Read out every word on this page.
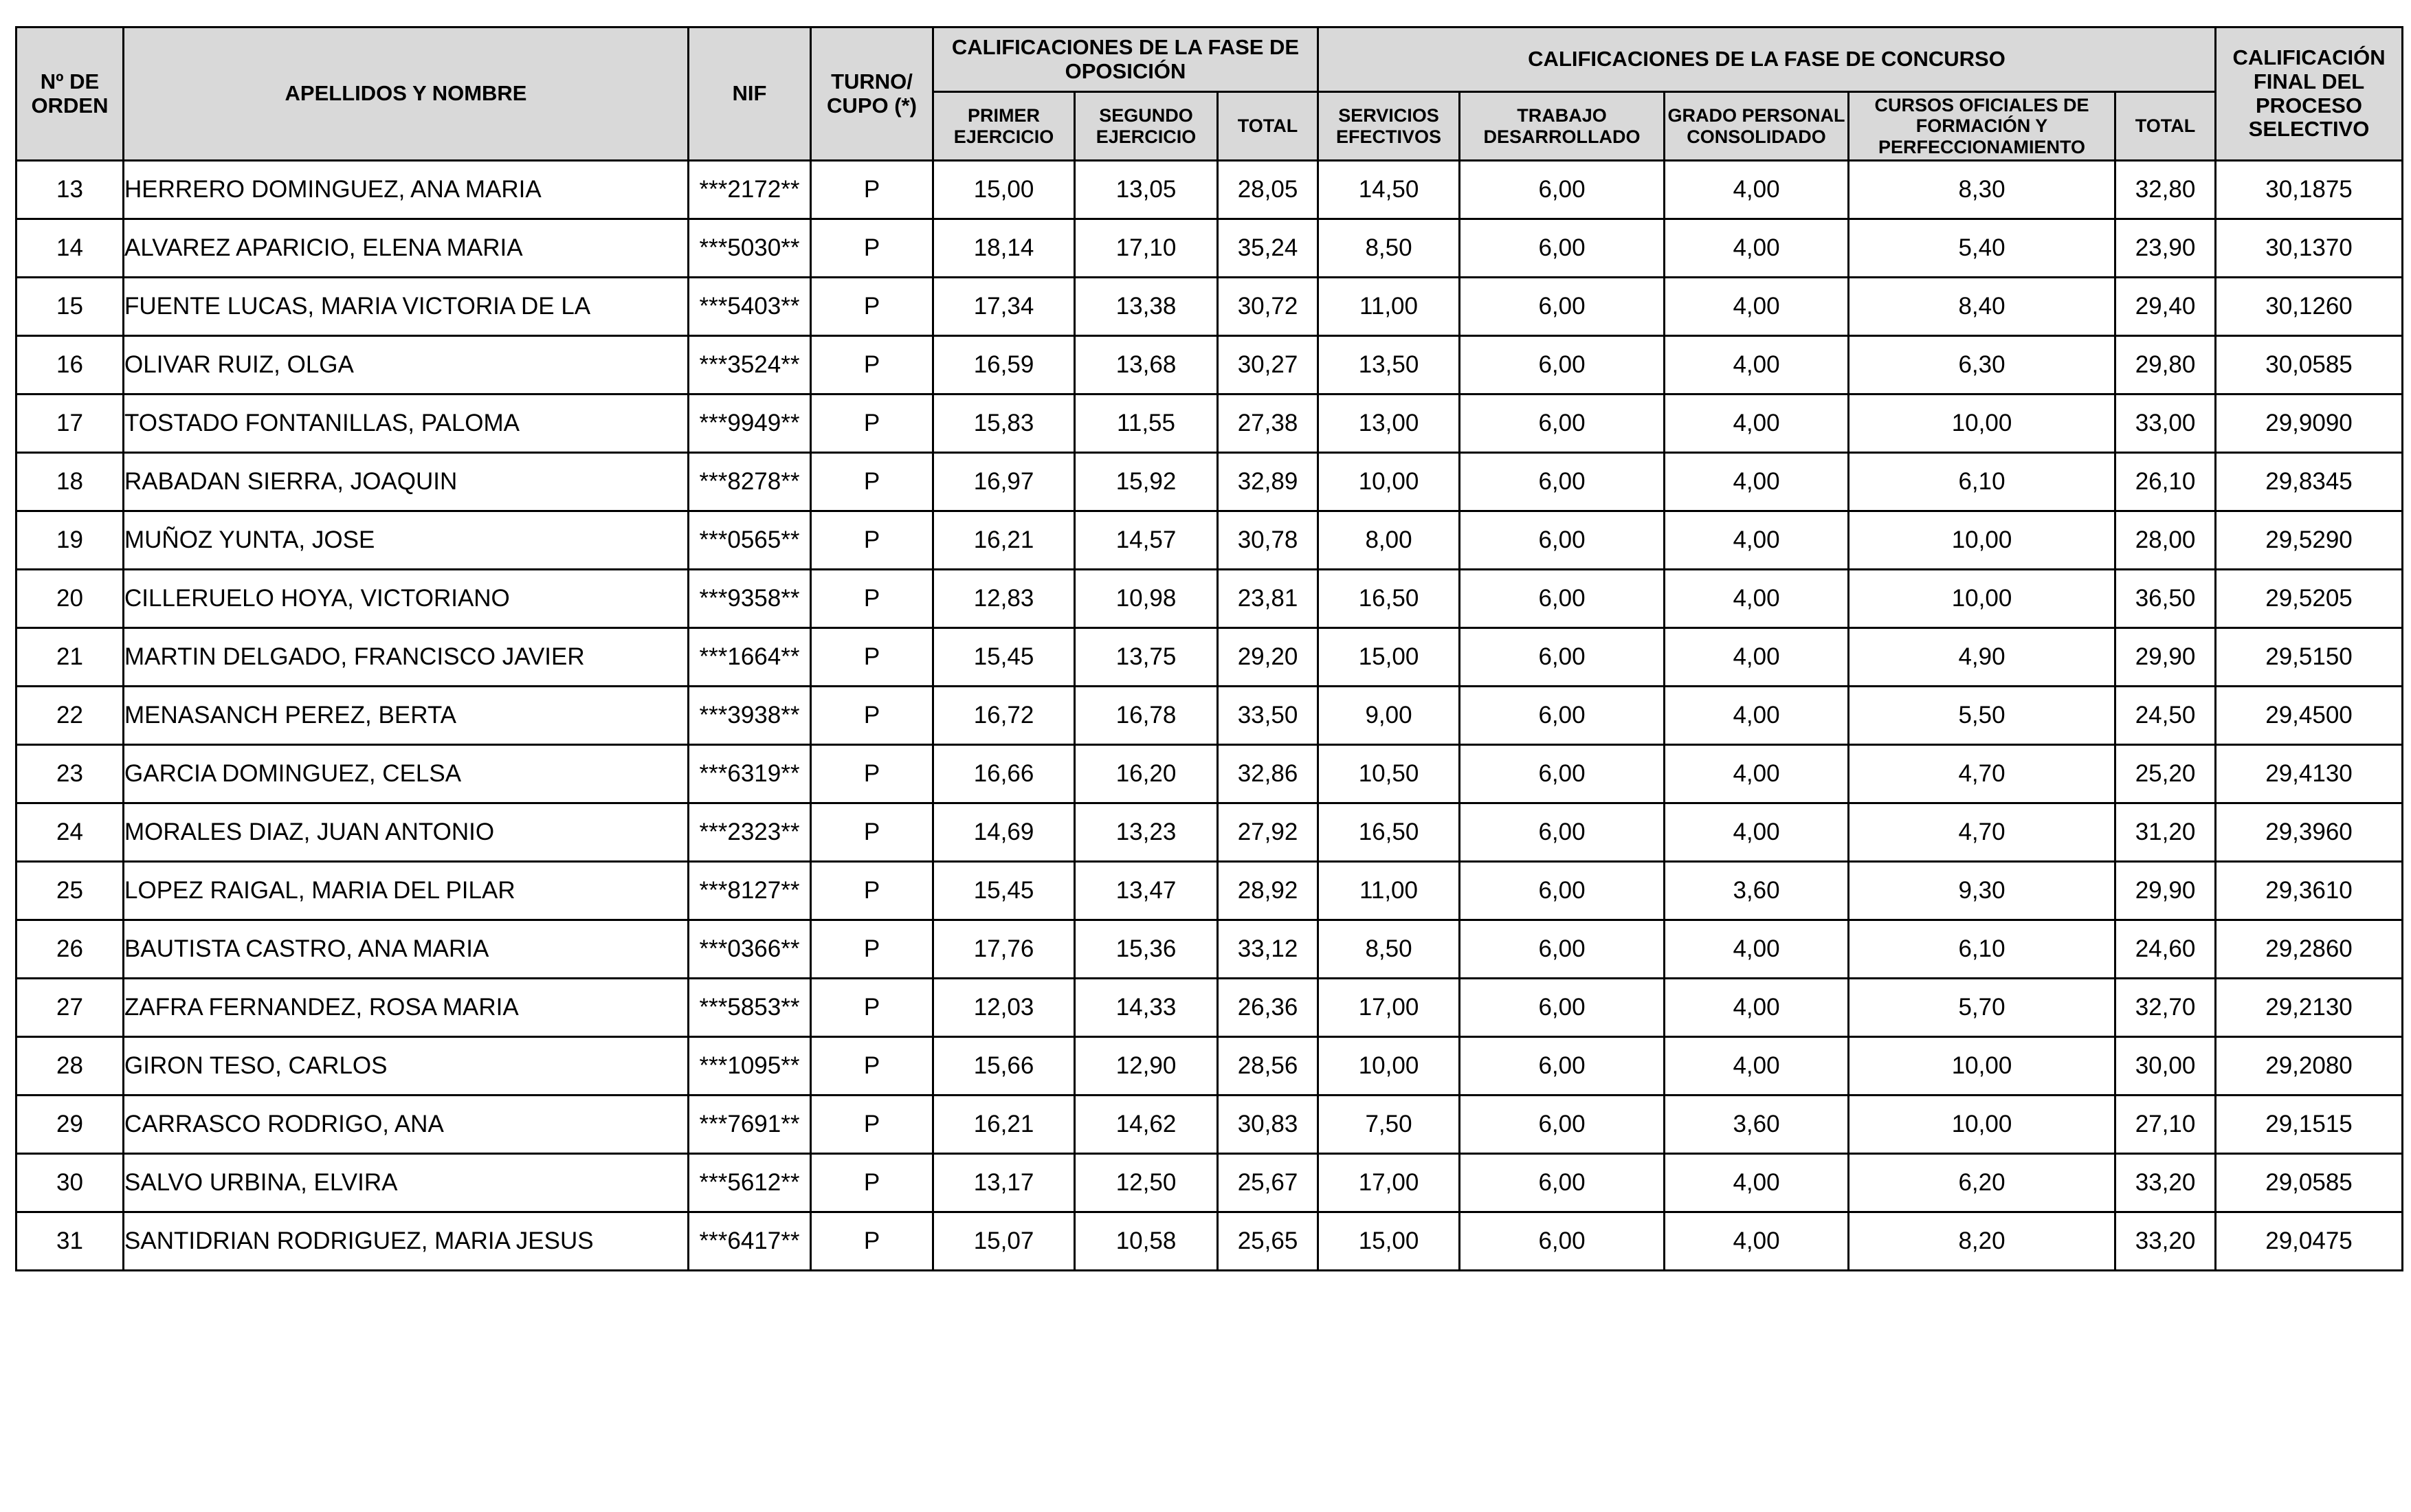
Nº DE ORDEN	APELLIDOS Y NOMBRE	NIF	TURNO/ CUPO (*)	CALIFICACIONES DE LA FASE DE OPOSICIÓN			CALIFICACIONES DE LA FASE DE CONCURSO					CALIFICACIÓN FINAL DEL PROCESO SELECTIVO
				PRIMER EJERCICIO	SEGUNDO EJERCICIO	TOTAL	SERVICIOS EFECTIVOS	TRABAJO DESARROLLADO	GRADO PERSONAL CONSOLIDADO	CURSOS OFICIALES DE FORMACIÓN Y PERFECCIONAMIENTO	TOTAL	
13	HERRERO DOMINGUEZ, ANA MARIA	***2172**	P	15,00	13,05	28,05	14,50	6,00	4,00	8,30	32,80	30,1875
14	ALVAREZ APARICIO, ELENA MARIA	***5030**	P	18,14	17,10	35,24	8,50	6,00	4,00	5,40	23,90	30,1370
15	FUENTE LUCAS, MARIA VICTORIA DE LA	***5403**	P	17,34	13,38	30,72	11,00	6,00	4,00	8,40	29,40	30,1260
16	OLIVAR RUIZ, OLGA	***3524**	P	16,59	13,68	30,27	13,50	6,00	4,00	6,30	29,80	30,0585
17	TOSTADO FONTANILLAS, PALOMA	***9949**	P	15,83	11,55	27,38	13,00	6,00	4,00	10,00	33,00	29,9090
18	RABADAN SIERRA, JOAQUIN	***8278**	P	16,97	15,92	32,89	10,00	6,00	4,00	6,10	26,10	29,8345
19	MUÑOZ YUNTA, JOSE	***0565**	P	16,21	14,57	30,78	8,00	6,00	4,00	10,00	28,00	29,5290
20	CILLERUELO HOYA, VICTORIANO	***9358**	P	12,83	10,98	23,81	16,50	6,00	4,00	10,00	36,50	29,5205
21	MARTIN DELGADO, FRANCISCO JAVIER	***1664**	P	15,45	13,75	29,20	15,00	6,00	4,00	4,90	29,90	29,5150
22	MENASANCH PEREZ, BERTA	***3938**	P	16,72	16,78	33,50	9,00	6,00	4,00	5,50	24,50	29,4500
23	GARCIA DOMINGUEZ, CELSA	***6319**	P	16,66	16,20	32,86	10,50	6,00	4,00	4,70	25,20	29,4130
24	MORALES DIAZ, JUAN ANTONIO	***2323**	P	14,69	13,23	27,92	16,50	6,00	4,00	4,70	31,20	29,3960
25	LOPEZ RAIGAL, MARIA DEL PILAR	***8127**	P	15,45	13,47	28,92	11,00	6,00	3,60	9,30	29,90	29,3610
26	BAUTISTA CASTRO, ANA MARIA	***0366**	P	17,76	15,36	33,12	8,50	6,00	4,00	6,10	24,60	29,2860
27	ZAFRA FERNANDEZ, ROSA MARIA	***5853**	P	12,03	14,33	26,36	17,00	6,00	4,00	5,70	32,70	29,2130
28	GIRON TESO, CARLOS	***1095**	P	15,66	12,90	28,56	10,00	6,00	4,00	10,00	30,00	29,2080
29	CARRASCO RODRIGO, ANA	***7691**	P	16,21	14,62	30,83	7,50	6,00	3,60	10,00	27,10	29,1515
30	SALVO URBINA, ELVIRA	***5612**	P	13,17	12,50	25,67	17,00	6,00	4,00	6,20	33,20	29,0585
31	SANTIDRIAN RODRIGUEZ, MARIA JESUS	***6417**	P	15,07	10,58	25,65	15,00	6,00	4,00	8,20	33,20	29,0475
